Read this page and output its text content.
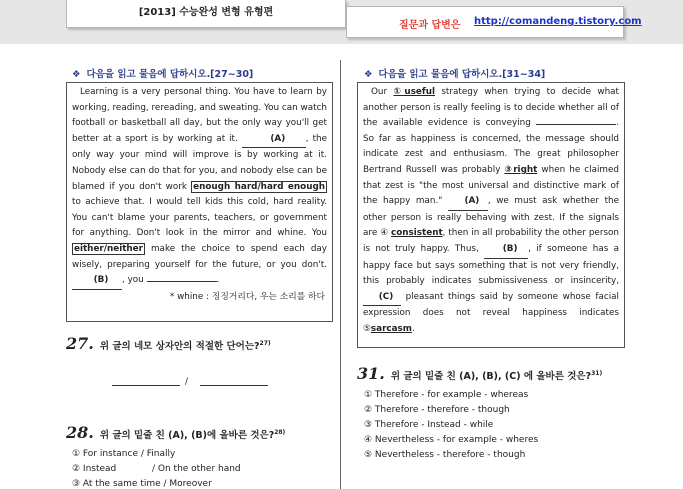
[2013] 수능완성 변형 유형편
질문과 답변은 http://comandeng.tistory.com
❖ 다음을 읽고 물음에 답하시오.[27~30]

Learning is a very personal thing. You have to learn by working, reading, rereading, and sweating. You can watch football or basketball all day, but the only way you'll get better at a sport is by working at it.	(A) , the only way your mind will improve is by working at it. Nobody else can do that for you, and nobody else can be blamed if you don't work enough hard/hard enough to achieve that. I would tell kids this cold, hard reality. You can't blame your parents, teachers, or government for anything. Don't look in the mirror and whine. You either/neither make the choice to spend each day wisely, preparing yourself for the future, or you don't. (B) , you	.

* whine : 징징거리다, 우는 소리를 하다

27. 위 글의 네모 상자안의 적절한 단어는?$^{27)}$
/
28. 위 글의 밑줄 친 (A), (B)에 올바른 것은?$^{28)}$
① For instance / Finally
② Instead	/ On the other hand
③ At the same time / Moreover
❖ 다음을 읽고 물음에 답하시오.[31~34]

Our ①useful strategy when trying to decide what another person is really feeling is to decide whether all of the available evidence is conveying	. So far as happiness is concerned, the message should indicate zest and enthusiasm. The great philosopher Bertrand Russell was probably ③right when he claimed that zest is "the most universal and distinctive mark of the happy man."	(A) , we must ask whether the other person is really behaving with zest. If the signals are ④ consistent, then in all probability the other person is not truly happy. Thus,	(B) , if someone has a happy face but says something that is not very friendly, this probably indicates submissiveness or insincerity, (C) pleasant things said by someone whose facial expression does not reveal happiness indicates ⑤sarcasm.

31. 위 글의 밑줄 친 (A), (B), (C) 에 올바른 것은?$^{31)}$
① Therefore - for example - whereas
② Therefore - therefore - though
③ Therefore - Instead - while
④ Nevertheless - for example - wheres
⑤ Nevertheless - therefore - though
